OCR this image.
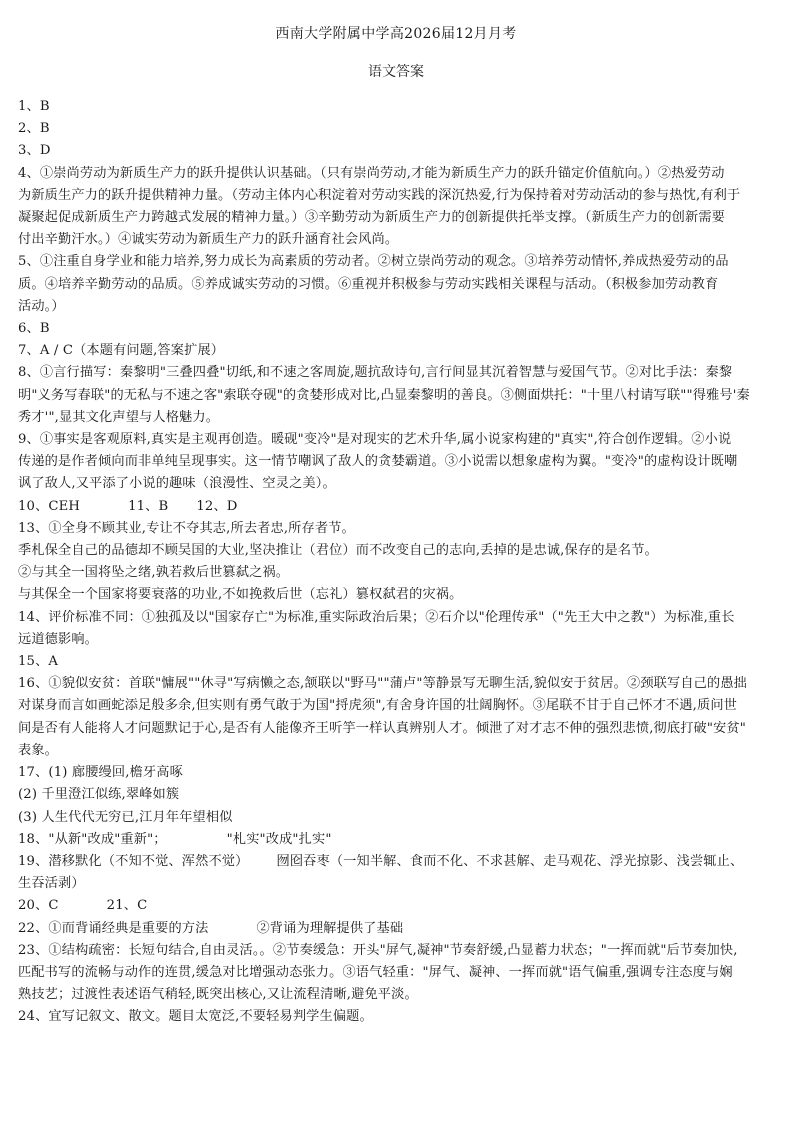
西南大学附属中学高2026届12月月考
语文答案
1、B
2、B
3、D
4、①崇尚劳动为新质生产力的跃升提供认识基础。（只有崇尚劳动,才能为新质生产力的跃升锚定价值航向。）②热爱劳动
为新质生产力的跃升提供精神力量。（劳动主体内心积淀着对劳动实践的深沉热爱,行为保持着对劳动活动的参与热忱,有利于
凝聚起促成新质生产力跨越式发展的精神力量。）③辛勤劳动为新质生产力的创新提供托举支撑。（新质生产力的创新需要
付出辛勤汗水。）④诚实劳动为新质生产力的跃升涵育社会风尚。
5、①注重自身学业和能力培养,努力成长为高素质的劳动者。②树立崇尚劳动的观念。③培养劳动情怀,养成热爱劳动的品
质。④培养辛勤劳动的品质。⑤养成诚实劳动的习惯。⑥重视并积极参与劳动实践相关课程与活动。（积极参加劳动教育
活动。）
6、B
7、A / C（本题有问题,答案扩展）
8、①言行描写：秦黎明"三叠四叠"切纸,和不速之客周旋,题抗敌诗句,言行间显其沉着智慧与爱国气节。②对比手法：秦黎
明"义务写春联"的无私与不速之客"索联夺砚"的贪婪形成对比,凸显秦黎明的善良。③侧面烘托："十里八村请写联""得雅号'秦
秀才'",显其文化声望与人格魅力。
9、①事实是客观原料,真实是主观再创造。暖砚"变冷"是对现实的艺术升华,属小说家构建的"真实",符合创作逻辑。②小说
传递的是作者倾向而非单纯呈现事实。这一情节嘲讽了敌人的贪婪霸道。③小说需以想象虚构为翼。"变冷"的虚构设计既嘲
讽了敌人,又平添了小说的趣味（浪漫性、空灵之美）。
10、CEH	11、B 12、D
13、①全身不顾其业,专让不夺其志,所去者忠,所存者节。
季札保全自己的品德却不顾吴国的大业,坚决推让（君位）而不改变自己的志向,丢掉的是忠诚,保存的是名节。
②与其全一国将坠之绪,孰若救后世篡弑之祸。
与其保全一个国家将要衰落的功业,不如挽救后世（忘礼）篡权弑君的灾祸。
14、评价标准不同：①独孤及以"国家存亡"为标准,重实际政治后果；②石介以"伦理传承"（"先王大中之教"）为标准,重长
远道德影响。
15、A
16、①貌似安贫：首联"慵展""休寻"写病懒之态,颔联以"野马""蒲卢"等静景写无聊生活,貌似安于贫居。②颈联写自己的愚拙
对谋身而言如画蛇添足般多余,但实则有勇气敢于为国"捋虎须",有舍身许国的壮阔胸怀。③尾联不甘于自己怀才不遇,质问世
间是否有人能将人才问题默记于心,是否有人能像齐王听竽一样认真辨别人才。倾泄了对才志不伸的强烈悲愤,彻底打破"安贫"
表象。
17、(1) 廊腰缦回,檐牙高啄
(2) 千里澄江似练,翠峰如簇
(3) 人生代代无穷已,江月年年望相似
18、"从新"改成"重新"；	"札实"改成"扎实"
19、潜移默化（不知不觉、浑然不觉） 囫囵吞枣（一知半解、食而不化、不求甚解、走马观花、浮光掠影、浅尝辄止、
生吞活剥）
20、C	21、C
22、①而背诵经典是重要的方法	②背诵为理解提供了基础
23、①结构疏密：长短句结合,自由灵活。。②节奏缓急：开头"屏气,凝神"节奏舒缓,凸显蓄力状态；"一挥而就"后节奏加快,
匹配书写的流畅与动作的连贯,缓急对比增强动态张力。③语气轻重："屏气、凝神、一挥而就"语气偏重,强调专注态度与娴
熟技艺；过渡性表述语气稍轻,既突出核心,又让流程清晰,避免平淡。
24、宜写记叙文、散文。题目太宽泛,不要轻易判学生偏题。
